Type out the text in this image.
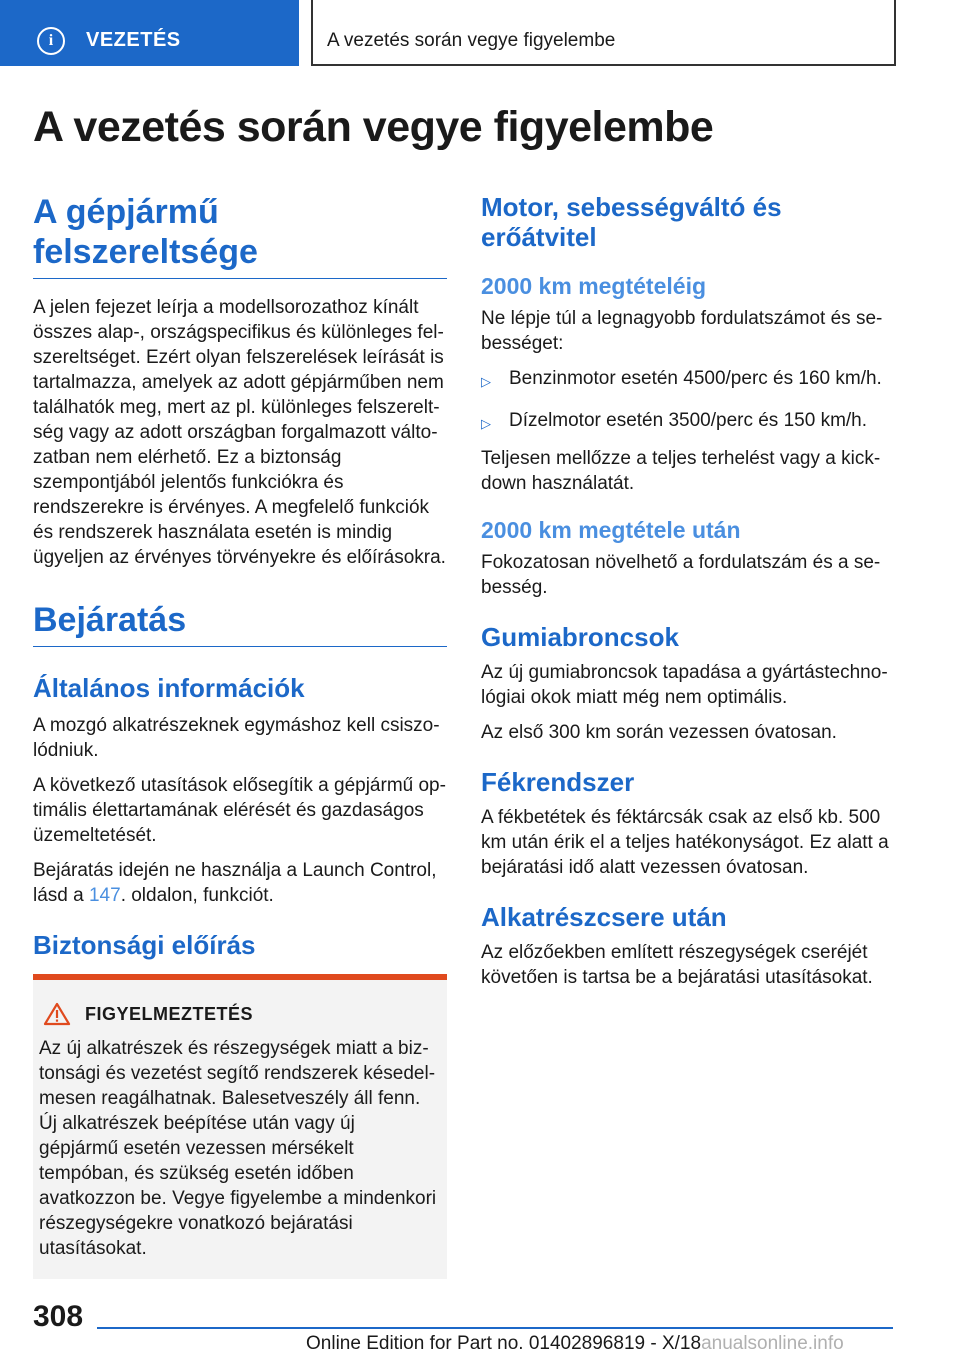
i	VEZETÉS	A vezetés során vegye figyelembe
A vezetés során vegye figyelembe
A gépjármű felszereltsége

A jelen fejezet leírja a modellsorozathoz kínált összes alap-, országspecifikus és különleges felszereltséget. Ezért olyan felszerelések leírását is tartalmazza, amelyek az adott gépjárműben nem találhatók meg, mert az pl. különleges felszereltség vagy az adott országban forgalmazott változatban nem elérhető. Ez a biztonság szempontjából jelentős funkciókra és rendszerekre is érvényes. A megfelelő funkciók és rendszerek használata esetén is mindig ügyeljen az érvényes törvényekre és előírásokra.

Bejáratás
Általános információk

A mozgó alkatrészeknek egymáshoz kell csiszolódniuk.

A következő utasítások elősegítik a gépjármű optimális élettartamának elérését és gazdaságos üzemeltetését.

Bejáratás idején ne használja a Launch Control, lásd a 147. oldalon, funkciót.

Biztonsági előírás
FIGYELMEZTETÉS

Az új alkatrészek és részegységek miatt a biztonsági és vezetést segítő rendszerek késedelmesen reagálhatnak. Balesetveszély áll fenn. Új alkatrészek beépítése után vagy új gépjármű esetén vezessen mérsékelt tempóban, és szükség esetén időben avatkozzon be. Vegye figyelembe a mindenkori részegységekre vonatkozó bejáratási utasításokat.

Motor, sebességváltó és erőátvitel
2000 km megtételéig

Ne lépje túl a legnagyobb fordulatszámot és sebességet:

▷ Benzinmotor esetén 4500/perc és 160 km/h.
▷ Dízelmotor esetén 3500/perc és 150 km/h.

Teljesen mellőzze a teljes terhelést vagy a kickdown használatát.

2000 km megtétele után

Fokozatosan növelhető a fordulatszám és a sebesség.

Gumiabroncsok

Az új gumiabroncsok tapadása a gyártástechnológiai okok miatt még nem optimális.

Az első 300 km során vezessen óvatosan.

Fékrendszer

A fékbetétek és féktárcsák csak az első kb. 500 km után érik el a teljes hatékonyságot. Ez alatt a bejáratási idő alatt vezessen óvatosan.

Alkatrészcsere után

Az előzőekben említett részegységek cseréjét követően is tartsa be a bejáratási utasításokat.

308
Online Edition for Part no. 01402896819 - X/18anualsonline.info
